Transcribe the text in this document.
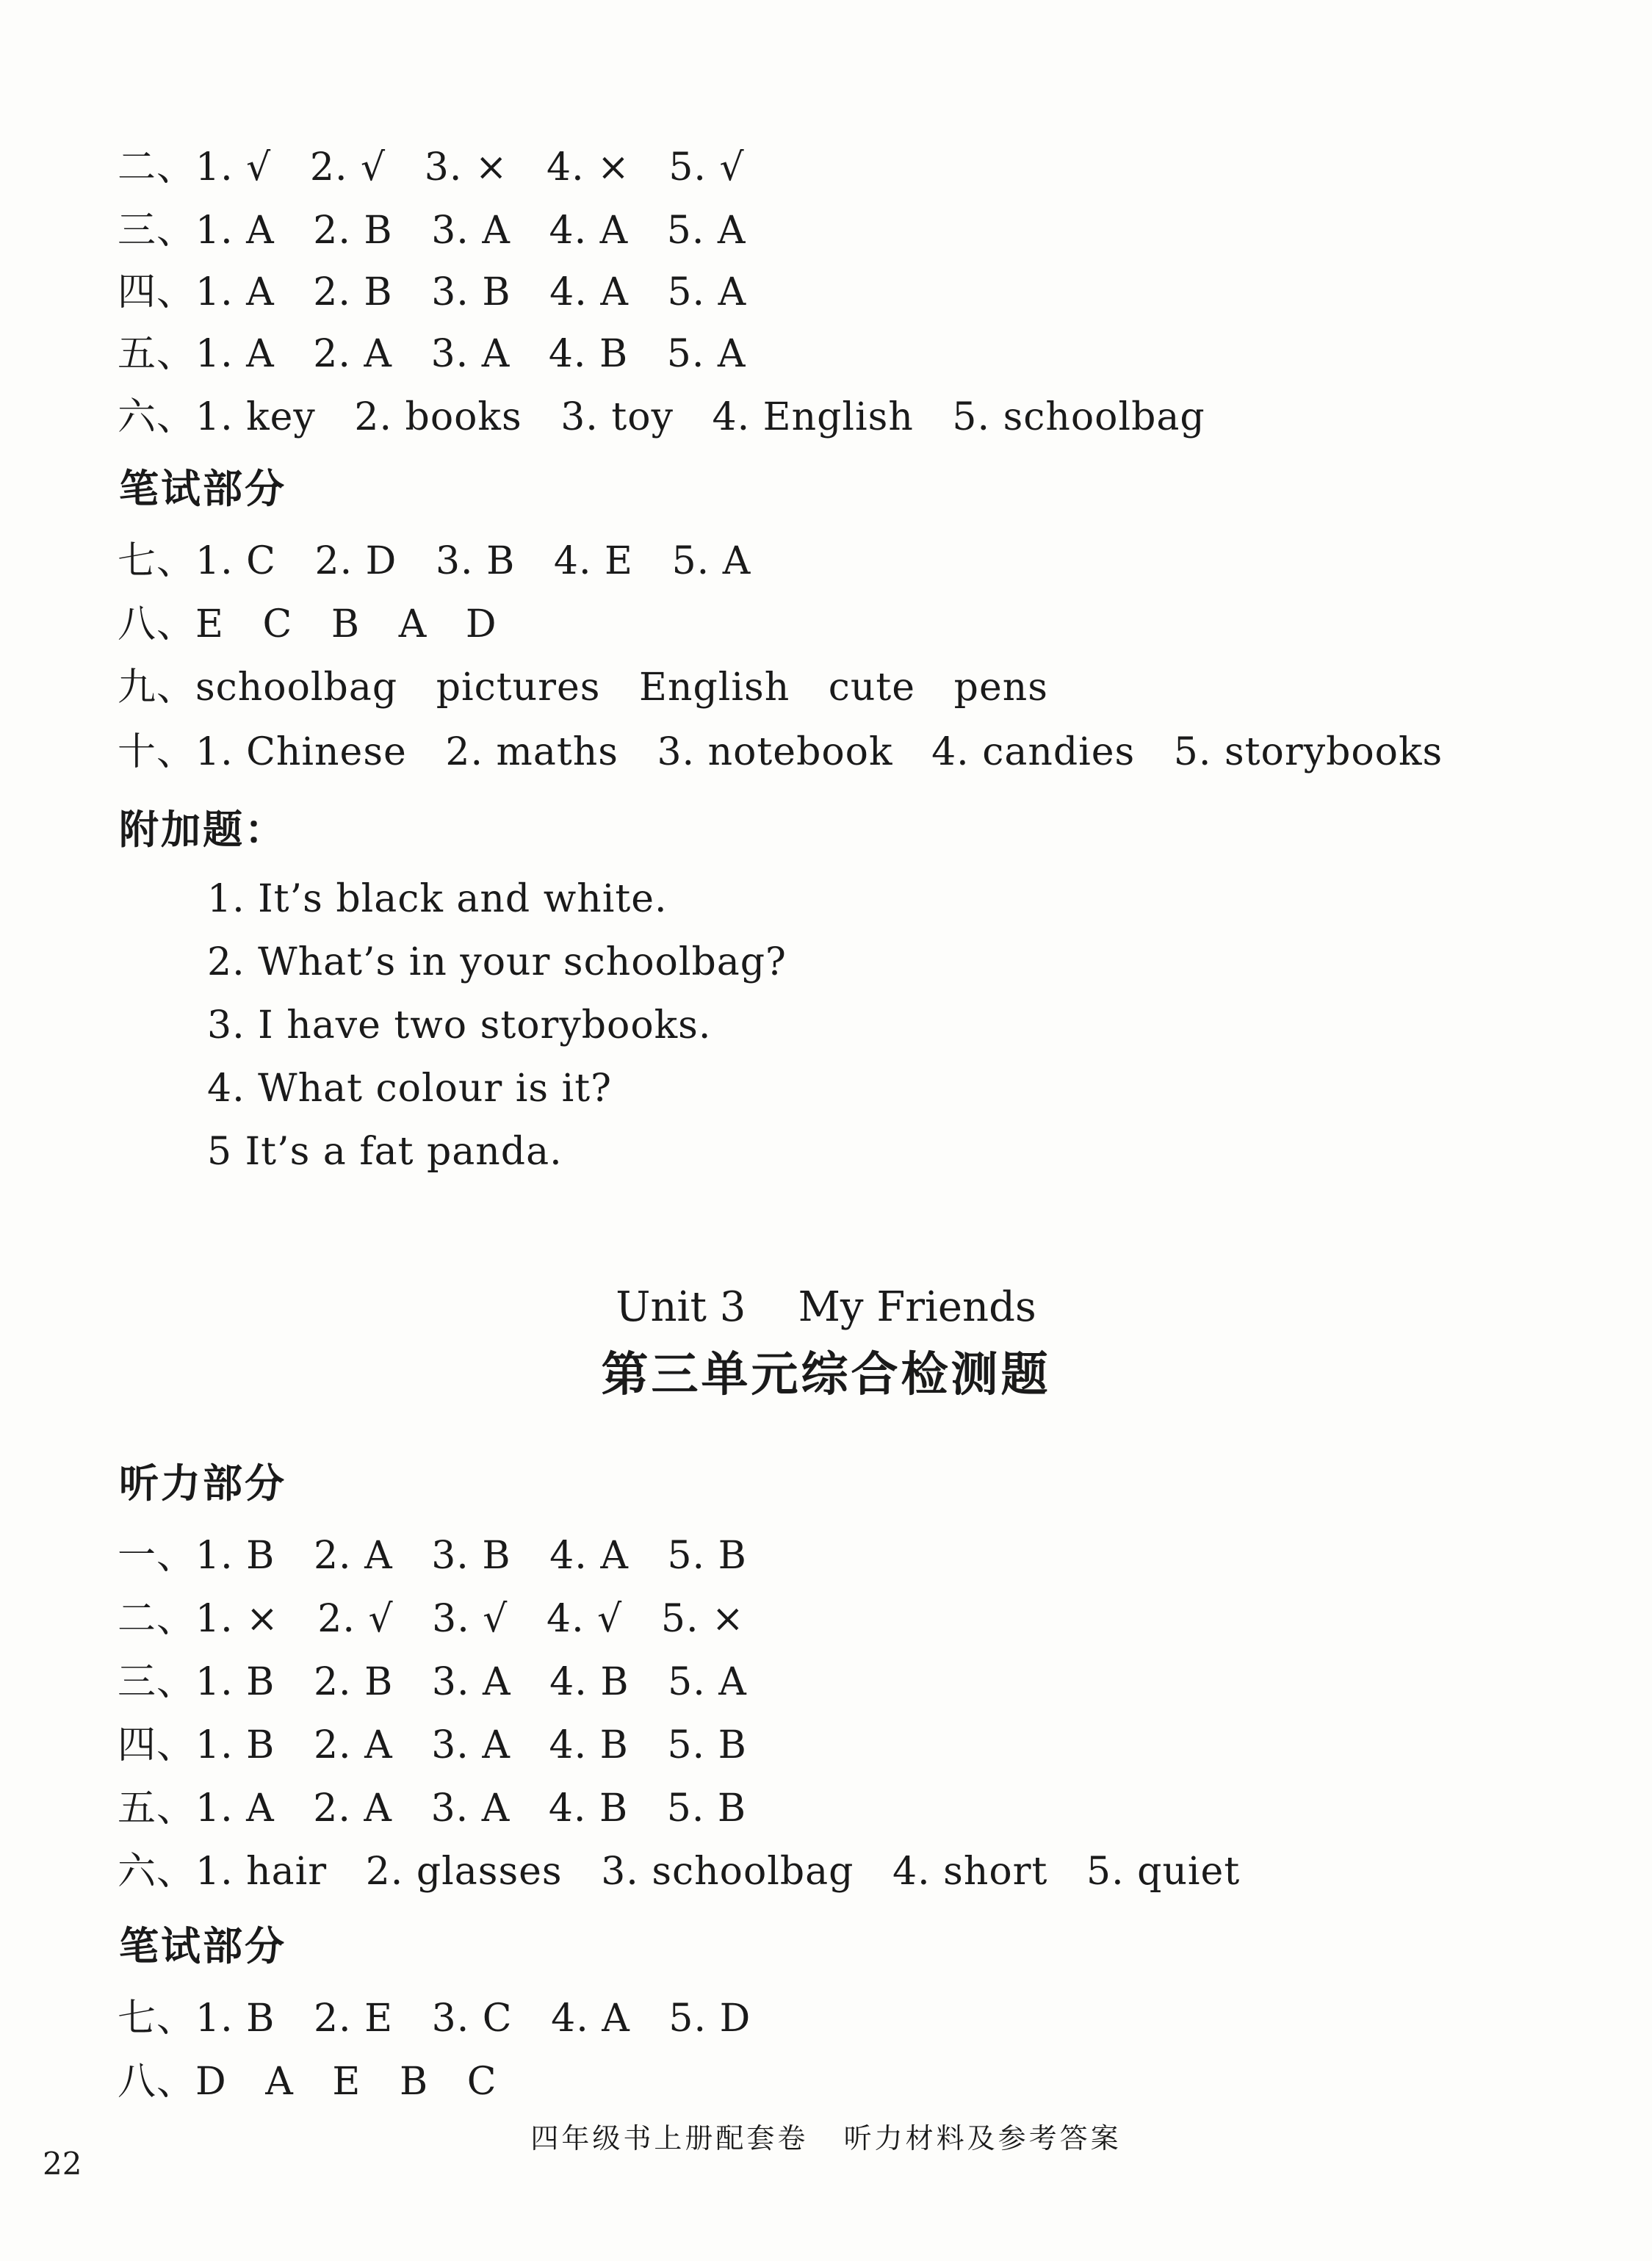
二、1. √   2. √   3. ×   4. ×   5. √
三、1. A   2. B   3. A   4. A   5. A
四、1. A   2. B   3. B   4. A   5. A
五、1. A   2. A   3. A   4. B   5. A
六、1. key   2. books   3. toy   4. English   5. schoolbag
笔试部分
七、1. C   2. D   3. B   4. E   5. A
八、E   C   B   A   D
九、schoolbag   pictures   English   cute   pens
十、1. Chinese   2. maths   3. notebook   4. candies   5. storybooks
附加题：
1. It’s black and white.
2. What’s in your schoolbag?
3. I have two storybooks.
4. What colour is it?
5 It’s a fat panda.
Unit 3    My Friends
第三单元综合检测题
听力部分
一、1. B   2. A   3. B   4. A   5. B
二、1. ×   2. √   3. √   4. √   5. ×
三、1. B   2. B   3. A   4. B   5. A
四、1. B   2. A   3. A   4. B   5. B
五、1. A   2. A   3. A   4. B   5. B
六、1. hair   2. glasses   3. schoolbag   4. short   5. quiet
笔试部分
七、1. B   2. E   3. C   4. A   5. D
八、D   A   E   B   C
四年级书上册配套卷   听力材料及参考答案
22
